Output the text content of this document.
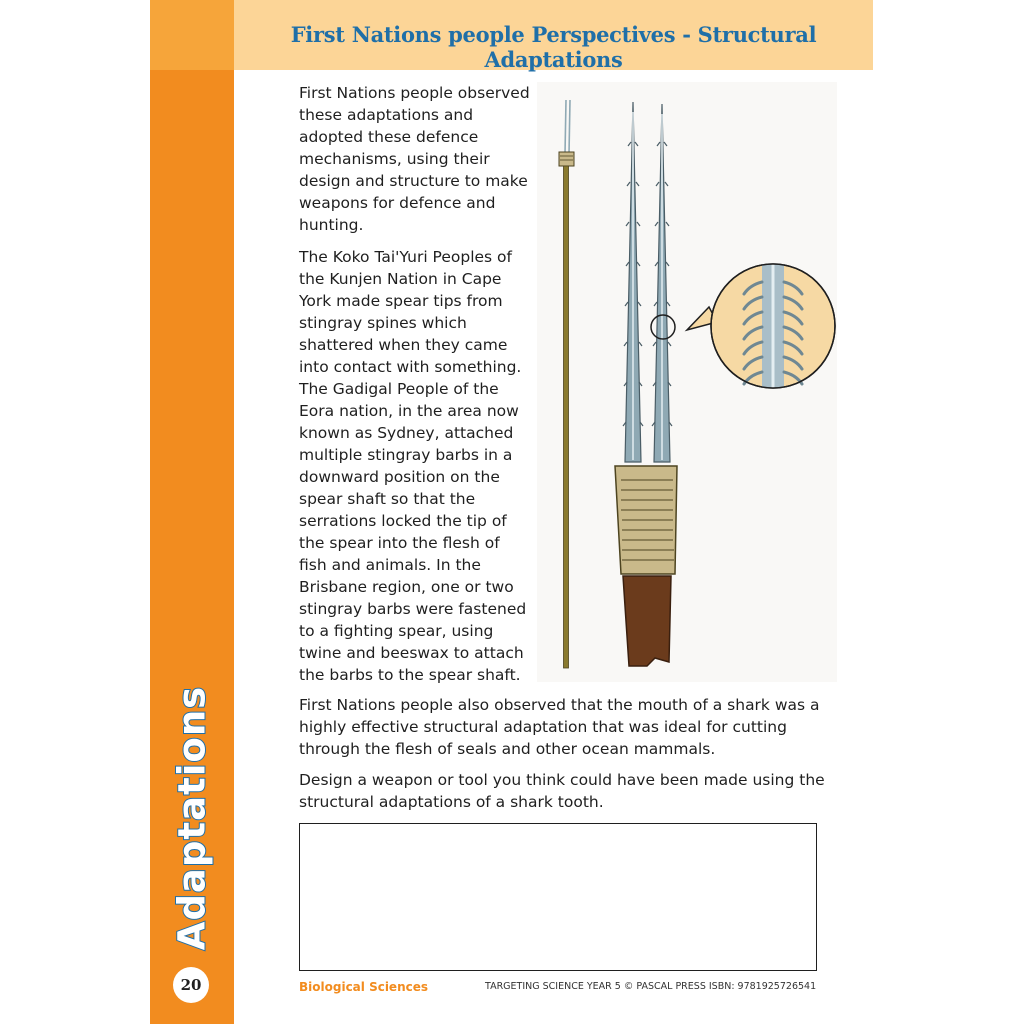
First Nations people Perspectives - Structural Adaptations
Adaptations
20

First Nations people observed these adaptations and adopted these defence mechanisms, using their design and structure to make weapons for defence and hunting.

The Koko Tai'Yuri Peoples of the Kunjen Nation in Cape York made spear tips from stingray spines which shattered when they came into contact with something. The Gadigal People of the Eora nation, in the area now known as Sydney, attached multiple stingray barbs in a downward position on the spear shaft so that the serrations locked the tip of the spear into the flesh of fish and animals. In the Brisbane region, one or two stingray barbs were fastened to a fighting spear, using twine and beeswax to attach the barbs to the spear shaft.

First Nations people also observed that the mouth of a shark was a highly effective structural adaptation that was ideal for cutting through the flesh of seals and other ocean mammals.

Design a weapon or tool you think could have been made using the structural adaptations of a shark tooth.

Biological Sciences	TARGETING SCIENCE YEAR 5 © PASCAL PRESS ISBN: 9781925726541
